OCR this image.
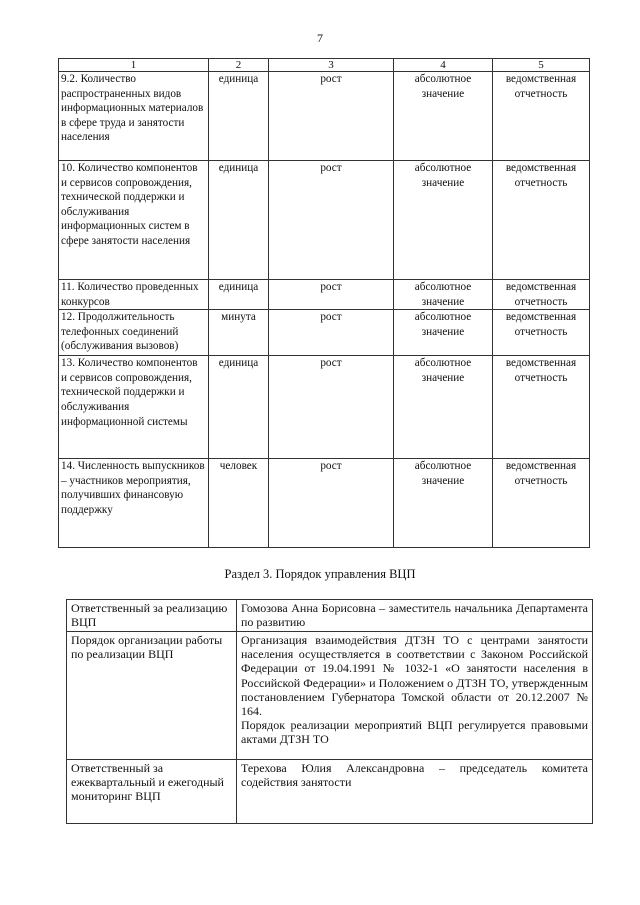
7
1	2	3	4	5
9.2. Количество распространенных видов информационных материалов в сфере труда и занятости населения	единица	рост	абсолютное значение	ведомственная отчетность
10. Количество компонентов и сервисов сопровождения, технической поддержки и обслуживания информационных систем в сфере занятости населения	единица	рост	абсолютное значение	ведомственная отчетность
11. Количество проведенных конкурсов	единица	рост	абсолютное значение	ведомственная отчетность
12. Продолжительность телефонных соединений (обслуживания вызовов)	минута	рост	абсолютное значение	ведомственная отчетность
13. Количество компонентов и сервисов сопровождения, технической поддержки и обслуживания информационной системы	единица	рост	абсолютное значение	ведомственная отчетность
14. Численность выпускников – участников мероприятия, получивших финансовую поддержку	человек	рост	абсолютное значение	ведомственная отчетность
Раздел 3. Порядок управления ВЦП
Ответственный за реализацию ВЦП	Гомозова Анна Борисовна – заместитель начальника Департамента по развитию
Порядок организации работы по реализации ВЦП	Организация взаимодействия ДТЗН ТО с центрами занятости населения осуществляется в соответствии с Законом Российской Федерации от 19.04.1991 № 1032-1 «О занятости населения в Российской Федерации» и Положением о ДТЗН ТО, утвержденным постановлением Губернатора Томской области от 20.12.2007 № 164.
Порядок реализации мероприятий ВЦП регулируется правовыми актами ДТЗН ТО

Ответственный за ежеквартальный и ежегодный мониторинг ВЦП	Терехова Юлия Александровна – председатель комитета содействия занятости
